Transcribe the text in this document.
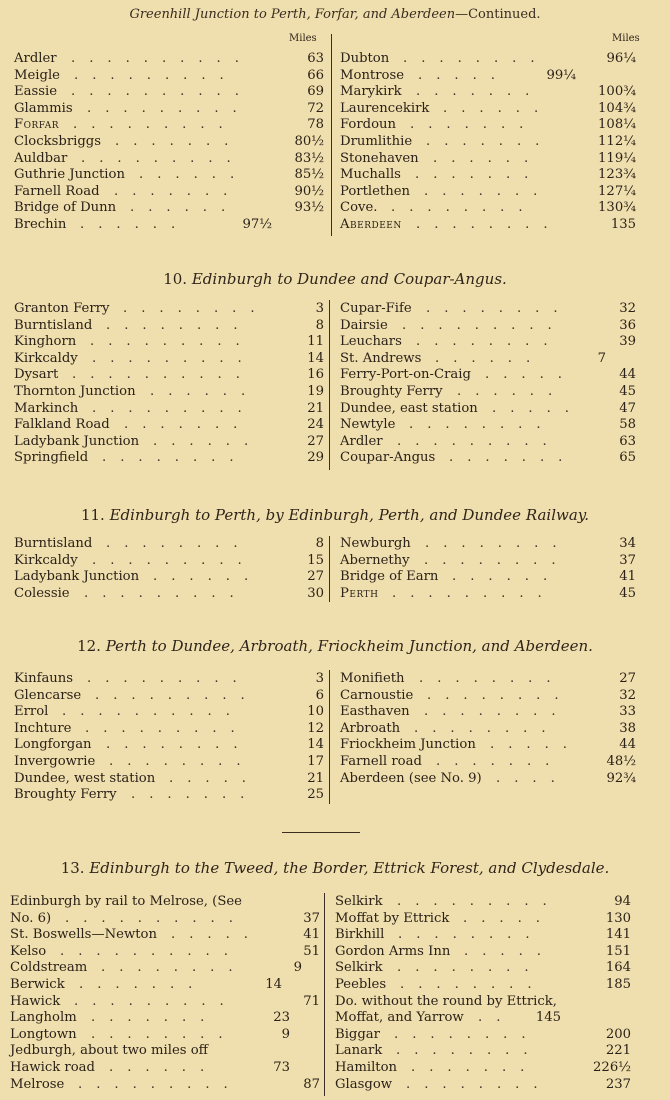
Greenhill Junction to Perth, Forfar, and Aberdeen—Continued.
Miles	Miles
Ardler	63
..........
Meigle	66
.........
Eassie	69
..........
Glammis	72
.........
Forfar	78
.........
Clocksbriggs	80½
.......
Auldbar	83½
.........
Guthrie Junction	85½
......
Farnell Road	90½
.......
Bridge of Dunn	93½
......
Brechin	97½
......
Dubton	96¼
........
Montrose	99¼
.....
Marykirk	100¾
.......
Laurencekirk	104¾
......
Fordoun	108¼
.......
Drumlithie	112¼
.......
Stonehaven	119¼
......
Muchalls	123¾
.......
Portlethen	127¼
.......
Cove.	130¾
........
Aberdeen	135
........
10. Edinburgh to Dundee and Coupar-Angus.
Granton Ferry	3
........
Burntisland	8
........
Kinghorn	11
.........
Kirkcaldy	14
.........
Dysart	16
..........
Thornton Junction	19
......
Markinch	21
.........
Falkland Road	24
.......
Ladybank Junction	27
......
Springfield	29
........
Cupar-Fife	32
........
Dairsie	36
.........
Leuchars	39
........
St. Andrews	7
......
Ferry-Port-on-Craig	44
.....
Broughty Ferry	45
......
Dundee, east station	47
.....
Newtyle	58
........
Ardler	63
.........
Coupar-Angus	65
.......
11. Edinburgh to Perth, by Edinburgh, Perth, and Dundee Railway.
Burntisland	8
........
Kirkcaldy	15
.........
Ladybank Junction	27
......
Colessie	30
.........
Newburgh	34
........
Abernethy	37
........
Bridge of Earn	41
......
Perth	45
.........
12. Perth to Dundee, Arbroath, Friockheim Junction, and Aberdeen.
Kinfauns	3
.........
Glencarse	6
.........
Errol	10
..........
Inchture	12
.........
Longforgan	14
........
Invergowrie	17
........
Dundee, west station	21
.....
Broughty Ferry	25
.......
Monifieth	27
........
Carnoustie	32
........
Easthaven	33
........
Arbroath	38
........
Friockheim Junction	44
.....
Farnell road	48½
.......
Aberdeen (see No. 9)	92¾
....
13. Edinburgh to the Tweed, the Border, Ettrick Forest, and Clydesdale.
Edinburgh by rail to Melrose, (See
No. 6)	37
..........
St. Boswells—Newton	41
.....
Kelso	51
..........
Coldstream	9
........
Berwick	14
.......
Hawick	71
.........
Langholm	23
.......
Longtown	9
........
Jedburgh, about two miles off
Hawick road	73
......
Melrose	87
.........
Selkirk	94
.........
Moffat by Ettrick	130
.....
Birkhill	141
........
Gordon Arms Inn	151
.....
Selkirk	164
........
Peebles	185
........
Do. without the round by Ettrick,
Moffat, and Yarrow	145
..
Biggar	200
........
Lanark	221
........
Hamilton	226½
.......
Glasgow	237
........
